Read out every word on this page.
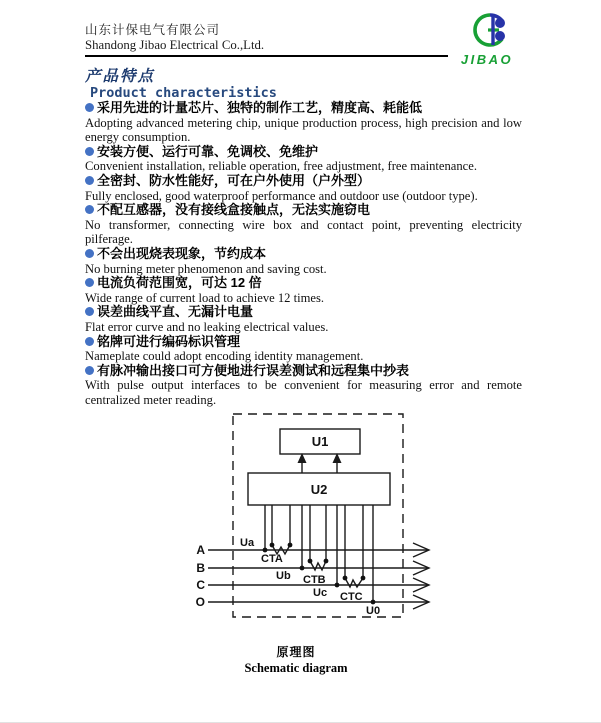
山东计保电气有限公司
Shandong Jibao Electrical Co.,Ltd.
JIBAO
产品特点
Product characteristics
采用先进的计量芯片、独特的制作工艺，精度高、耗能低

Adopting advanced metering chip, unique production process, high precision and low energy consumption.

安装方便、运行可靠、免调校、免维护

Convenient installation, reliable operation, free adjustment, free maintenance.

全密封、防水性能好，可在户外使用（户外型）

Fully enclosed, good waterproof performance and outdoor use (outdoor type).

不配互感器，没有接线盒接触点，无法实施窃电

No transformer, connecting wire box and contact point, preventing electricity pilferage.

不会出现烧表现象，节约成本

No burning meter phenomenon and saving cost.

电流负荷范围宽，可达 12 倍

Wide range of current load to achieve 12 times.

误差曲线平直、无漏计电量

Flat error curve and no leaking electrical values.

铭牌可进行编码标识管理

Nameplate could adopt encoding identity management.

有脉冲输出接口可方便地进行误差测试和远程集中抄表

With pulse output interfaces to be convenient for measuring error and remote centralized meter reading.

U1
U2
A
B
C
O
Ua
CTA
Ub CTB
Uc CTC
U0
原理图
Schematic diagram
